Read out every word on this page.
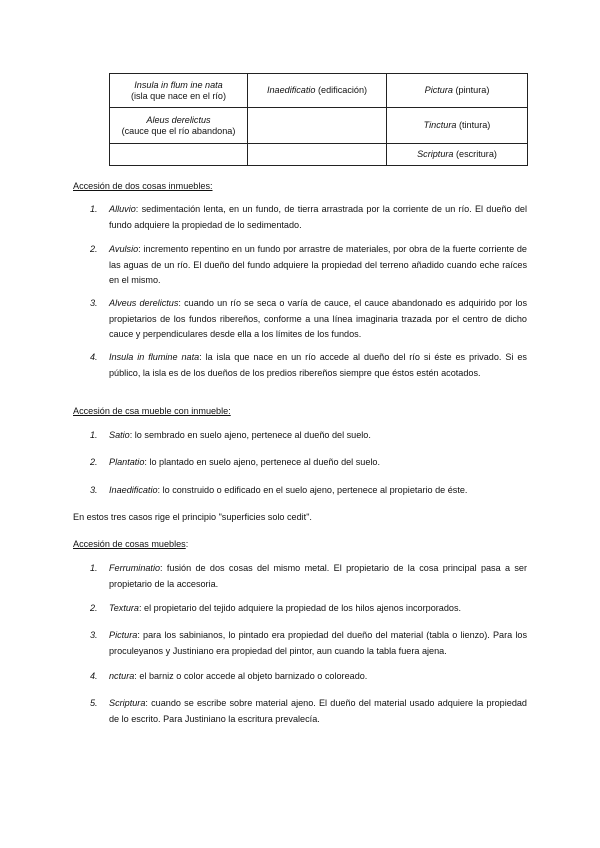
Insula in flum ine nata
(isla que nace en el río)	Inaedificatio (edificación)	Pictura (pintura)
Aleus derelictus
(cauce que el río abandona)		Tinctura (tintura)
		Scriptura (escritura)
Accesión de dos cosas inmuebles:
1.	Alluvio: sedimentación lenta, en un fundo, de tierra arrastrada por la corriente de un río. El dueño del fundo adquiere la propiedad de lo sedimentado.
2.	Avulsio: incremento repentino en un fundo por arrastre de materiales, por obra de la fuerte corriente de las aguas de un río. El dueño del fundo adquiere la propiedad del terreno añadido cuando eche raíces en el mismo.
3.	Alveus derelictus: cuando un río se seca o varía de cauce, el cauce abandonado es adquirido por los propietarios de los fundos ribereños, conforme a una línea imaginaria trazada por el centro de dicho cauce y perpendiculares desde ella a los límites de los fundos.
4.	Insula in flumine nata: la isla que nace en un río accede al dueño del río si éste es privado. Si es público, la isla es de los dueños de los predios ribereños siempre que éstos estén acotados.
Accesión de csa mueble con inmueble:
1.	Satio: lo sembrado en suelo ajeno, pertenece al dueño del suelo.
2.	Plantatio: lo plantado en suelo ajeno, pertenece al dueño del suelo.
3.	Inaedificatio: lo construido o edificado en el suelo ajeno, pertenece al propietario de éste.
En estos tres casos rige el principio "superficies solo cedit".
Accesión de cosas muebles:
1.	Ferruminatio: fusión de dos cosas del mismo metal. El propietario de la cosa principal pasa a ser propietario de la accesoria.
2.	Textura: el propietario del tejido adquiere la propiedad de los hilos ajenos incorporados.
3.	Pictura: para los sabinianos, lo pintado era propiedad del dueño del material (tabla o lienzo). Para los proculeyanos y Justiniano era propiedad del pintor, aun cuando la tabla fuera ajena.
4.	nctura: el barniz o color accede al objeto barnizado o coloreado.
5.	Scriptura: cuando se escribe sobre material ajeno. El dueño del material usado adquiere la propiedad de lo escrito. Para Justiniano la escritura prevalecía.
